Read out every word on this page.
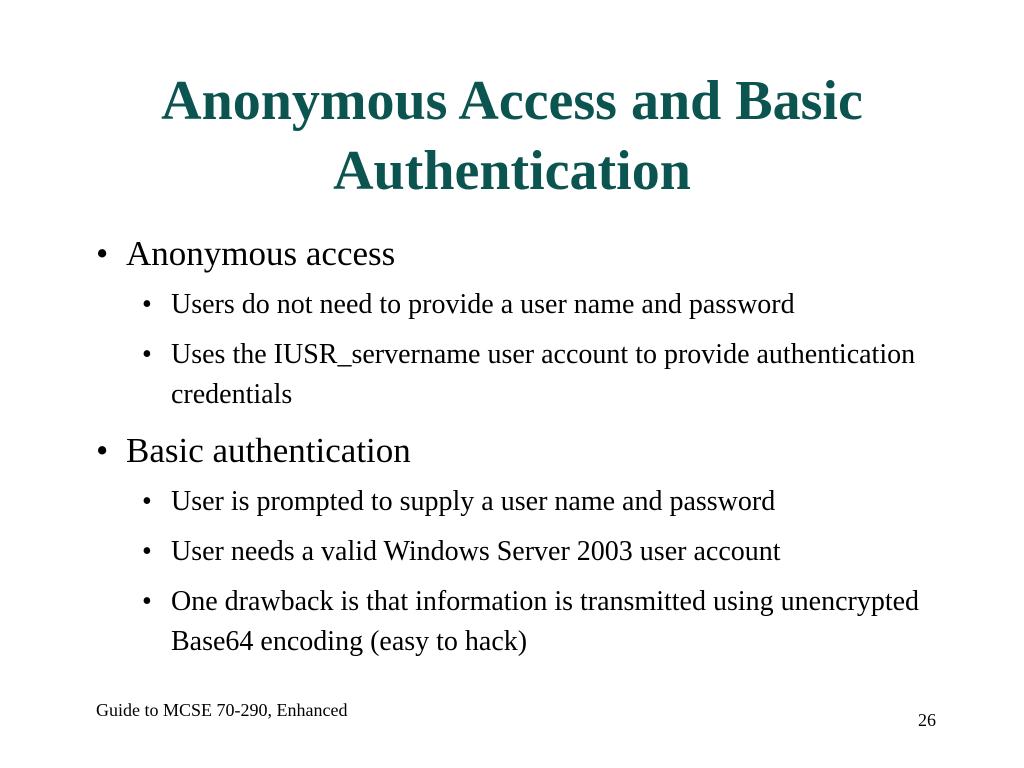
Anonymous Access and Basic
Authentication
• Anonymous access
• Users do not need to provide a user name and password
• Uses the IUSR_servername user account to provide authentication credentials
• Basic authentication
• User is prompted to supply a user name and password
• User needs a valid Windows Server 2003 user account
• One drawback is that information is transmitted using unencrypted Base64 encoding (easy to hack)
Guide to MCSE 70-290, Enhanced	26
